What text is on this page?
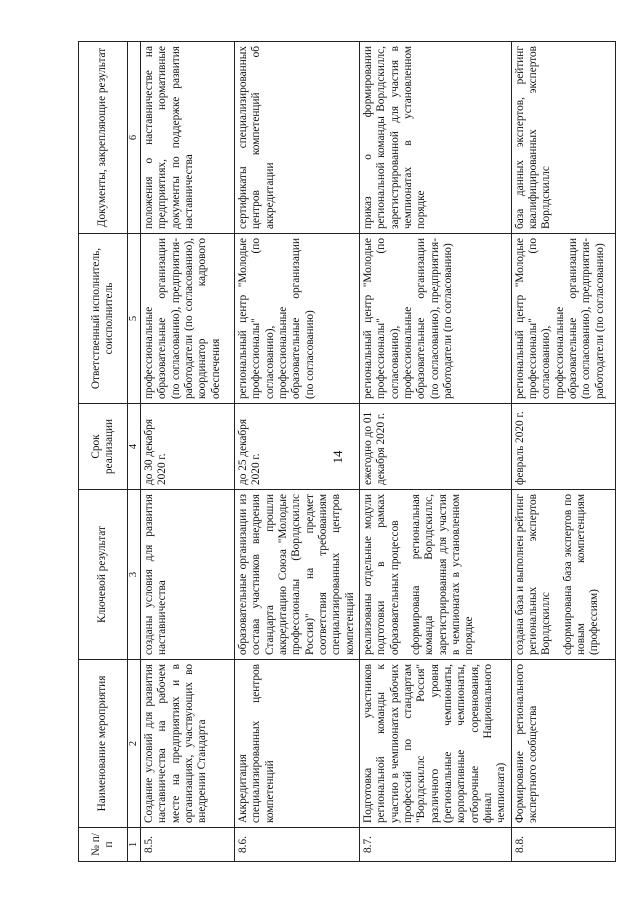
14
№ п/п	Наименование мероприятия	Ключевой результат	Срок реализации	Ответственный исполнитель, соисполнитель	Документы, закрепляющие результат
1	2	3	4	5	6
8.5.	Создание условий для развития наставничества на рабочем месте на предприятиях и в организациях, участвующих во внедрении Стандарта	созданы условия для развития наставничества	до 30 декабря 2020 г.	профессиональные образовательные организации (по согласованию), предприятия-работодатели (по согласованию), координатор кадрового обеспечения	положения о наставничестве на предприятиях, нормативные документы по поддержке развития наставничества
8.6.	Аккредитация специализированных центров компетенций	образовательные организации из состава участников внедрения Стандарта прошли аккредитацию Союза "Молодые профессионалы (Ворлдскиллс Россия)" на предмет соответствия требованиям специализированных центров компетенций	до 25 декабря 2020 г.	региональный центр "Молодые профессионалы" (по согласованию), профессиональные образовательные организации (по согласованию)	сертификаты специализированных центров компетенций об аккредитации
8.7.	Подготовка участников региональной команды к участию в чемпионатах рабочих профессий по стандартам "Ворлдскиллс Россия" различного уровня (региональные чемпионаты, корпоративные чемпионаты, отборочные соревнования, финал Национального чемпионата)	реализованы отдельные модули подготовки в рамках образовательных процессов сформирована региональная команда Ворлдскиллс, зарегистрированная для участия в чемпионатах в установленном порядке	ежегодно до 01 декабря 2020 г.	региональный центр "Молодые профессионалы" (по согласованию), профессиональные образовательные организации (по согласованию), предприятия-работодатели (по согласованию)	приказ о формировании региональной команды Ворлдскиллс, зарегистрированной для участия в чемпионатах в установленном порядке
8.8.	Формирование регионального экспертного сообщества	создана база и выполнен рейтинг региональных экспертов Ворлдскиллс сформирована база экспертов по новым компетенциям (профессиям)	февраль 2020 г.	региональный центр "Молодые профессионалы" (по согласованию), профессиональные образовательные организации (по согласованию), предприятия-работодатели (по согласованию)	база данных экспертов, рейтинг квалифицированных экспертов Ворлдскиллс
